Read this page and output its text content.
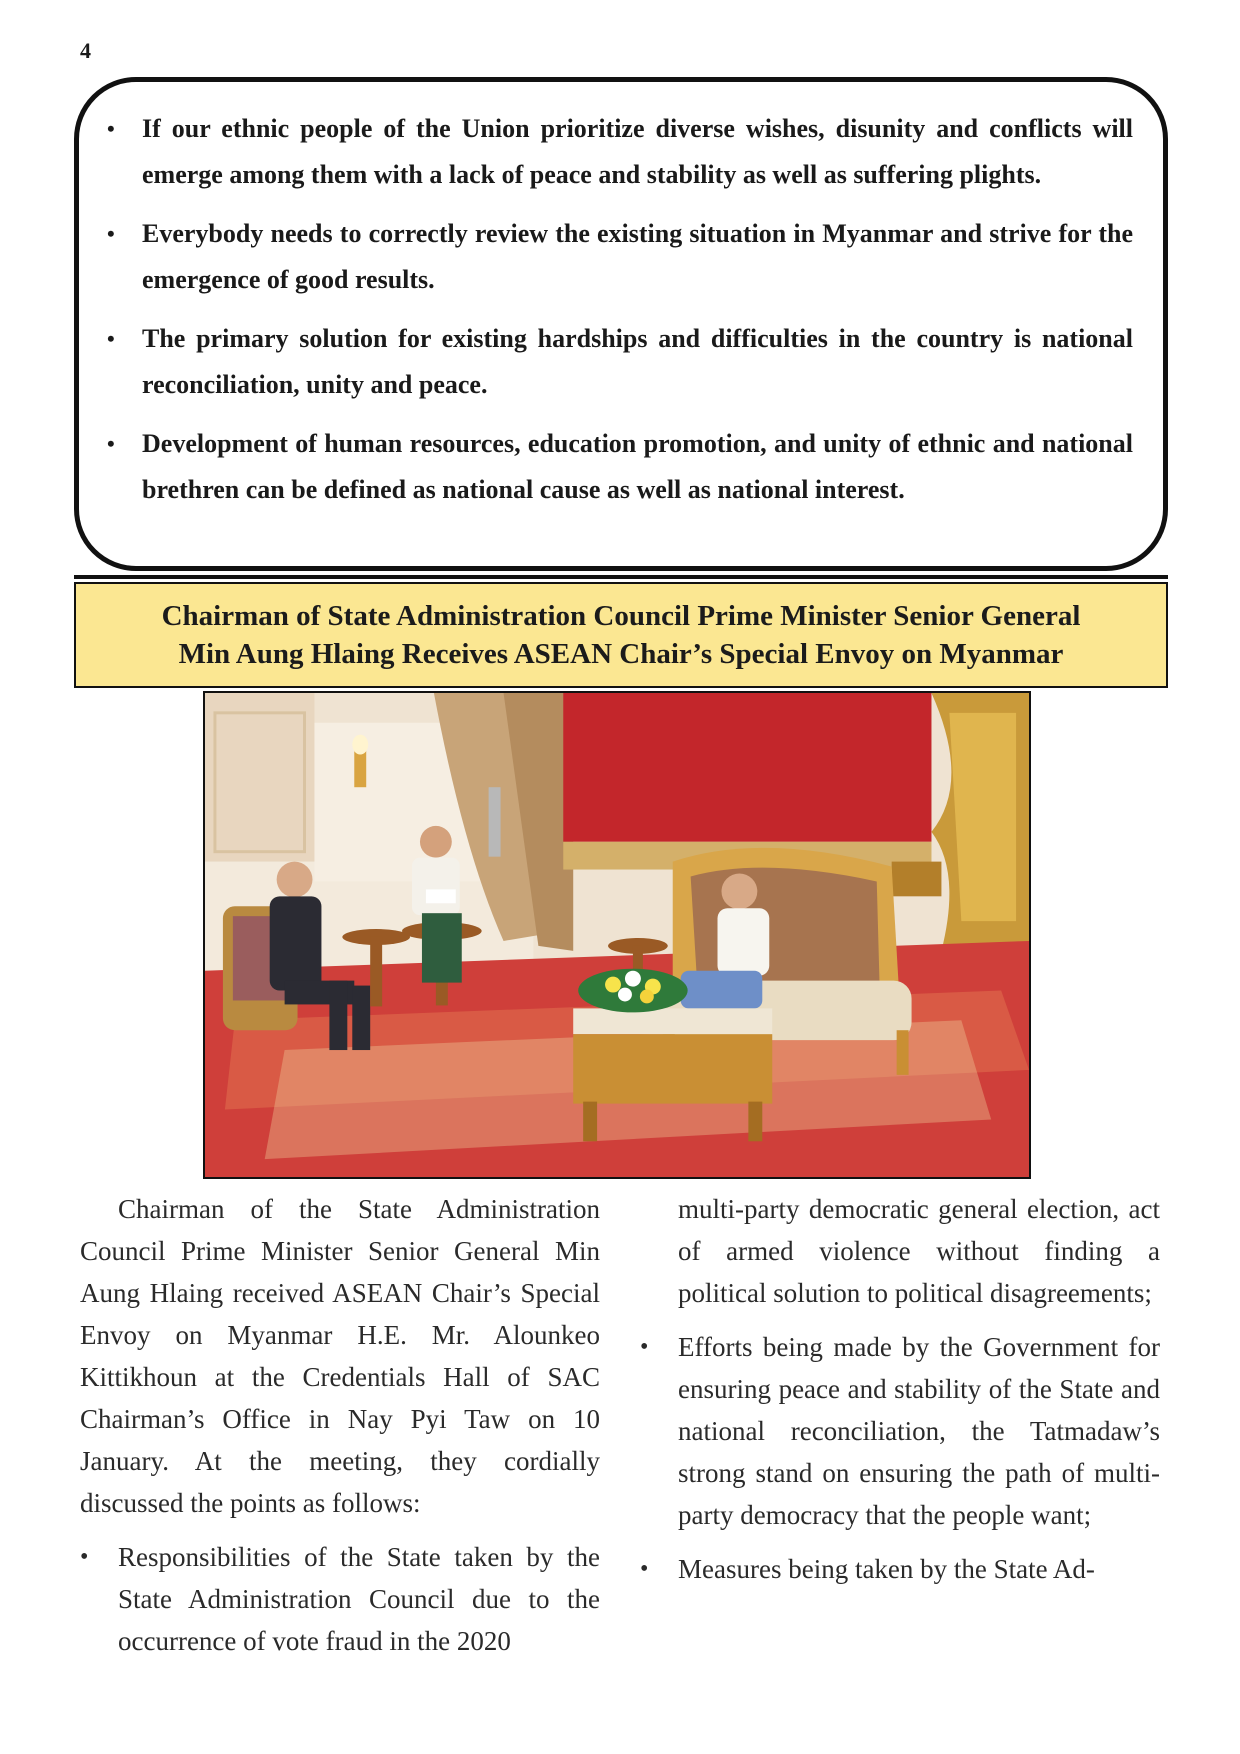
4
• If our ethnic people of the Union prioritize diverse wishes, disunity and conflicts will emerge among them with a lack of peace and stability as well as suffering plights.
• Everybody needs to correctly review the existing situation in Myanmar and strive for the emergence of good results.
• The primary solution for existing hardships and difficulties in the country is national reconciliation, unity and peace.
• Development of human resources, education promotion, and unity of ethnic and national brethren can be defined as national cause as well as national interest.
Chairman of State Administration Council Prime Minister Senior General
Min Aung Hlaing Receives ASEAN Chair’s Special Envoy on Myanmar

Chairman of the State Administration Council Prime Minister Senior General Min Aung Hlaing received ASEAN Chair’s Special Envoy on Myanmar H.E. Mr. Alounkeo Kittikhoun at the Credentials Hall of SAC Chairman’s Office in Nay Pyi Taw on 10 January. At the meeting, they cordially discussed the points as follows:

• Responsibilities of the State taken by the State Administration Council due to the occurrence of vote fraud in the 2020
multi-party democratic general election, act of armed violence without finding a political solution to political disagreements;
• Efforts being made by the Government for ensuring peace and stability of the State and national reconciliation, the Tatmadaw’s strong stand on ensuring the path of multi-party democracy that the people want;
• Measures being taken by the State Ad-
